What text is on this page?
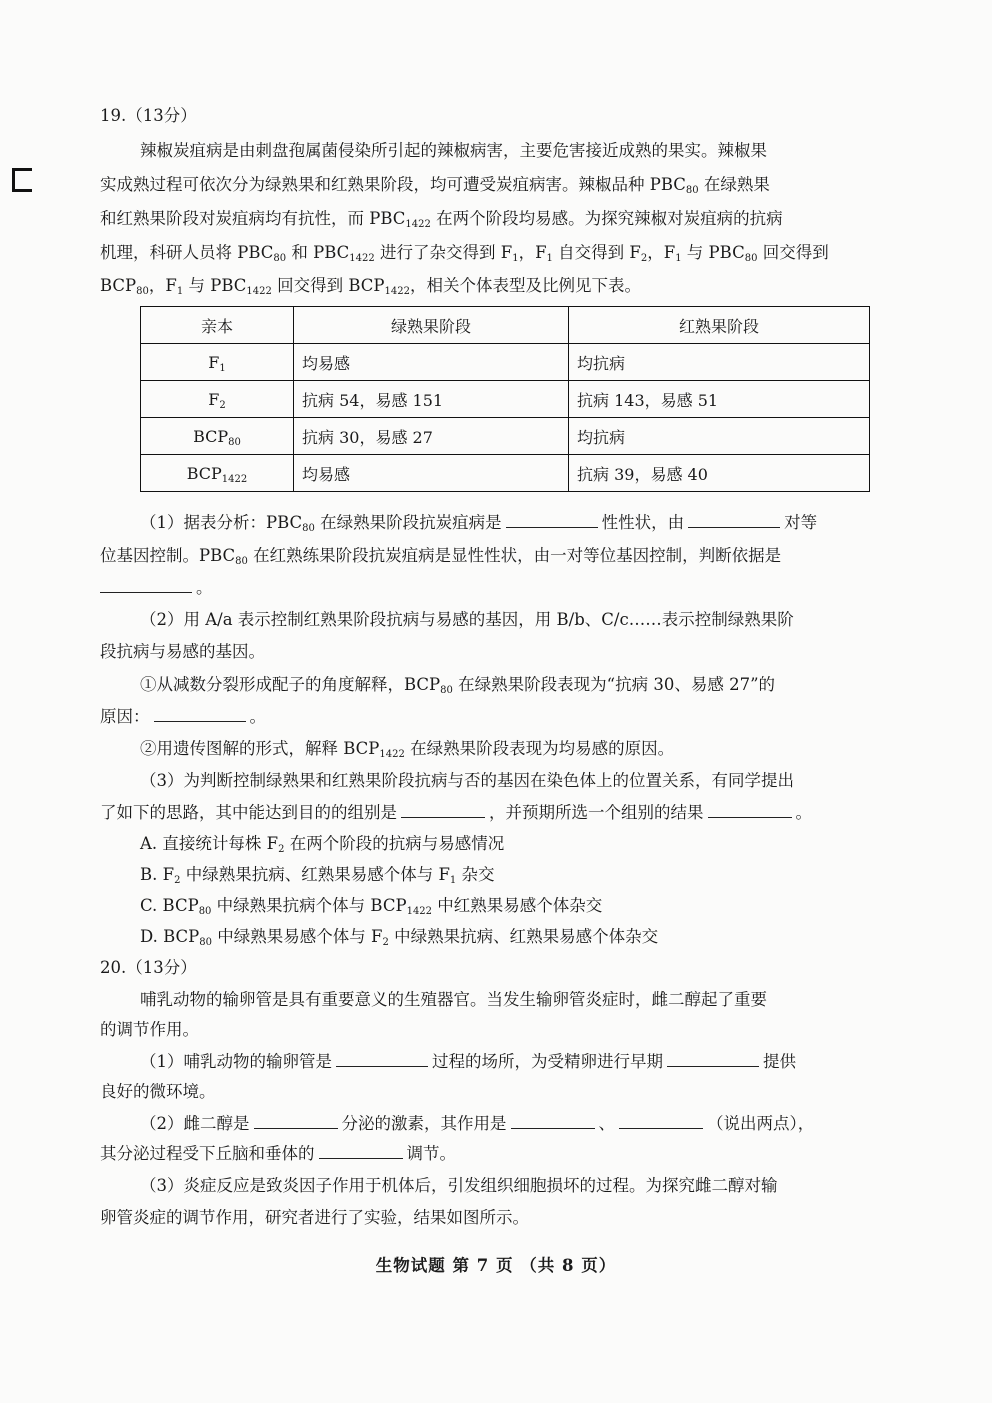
19.（13分）
辣椒炭疽病是由刺盘孢属菌侵染所引起的辣椒病害，主要危害接近成熟的果实。辣椒果
实成熟过程可依次分为绿熟果和红熟果阶段，均可遭受炭疽病害。辣椒品种 $PBC_{80}$ 在绿熟果
和红熟果阶段对炭疽病均有抗性，而 $PBC_{1422}$ 在两个阶段均易感。为探究辣椒对炭疽病的抗病
机理，科研人员将 $PBC_{80}$ 和 $PBC_{1422}$ 进行了杂交得到 $F_1$，$F_1$ 自交得到 $F_2$，$F_1$ 与 $PBC_{80}$ 回交得到
$BCP_{80}$，$F_1$ 与 $PBC_{1422}$ 回交得到 $BCP_{1422}$，相关个体表型及比例见下表。
亲本	绿熟果阶段	红熟果阶段
$F_1$	均易感	均抗病
$F_2$	抗病 54，易感 151	抗病 143，易感 51
$BCP_{80}$	抗病 30，易感 27	均抗病
$BCP_{1422}$	均易感	抗病 39，易感 40
（1）据表分析：$PBC_{80}$ 在绿熟果阶段抗炭疽病是	性性状，由	对等
位基因控制。$PBC_{80}$ 在红熟练果阶段抗炭疽病是显性性状，由一对等位基因控制，判断依据是
。
（2）用 A/a 表示控制红熟果阶段抗病与易感的基因，用 B/b、C/c……表示控制绿熟果阶
段抗病与易感的基因。
①从减数分裂形成配子的角度解释，$BCP_{80}$ 在绿熟果阶段表现为“抗病 30、易感 27”的
原因：	。
②用遗传图解的形式，解释 $BCP_{1422}$ 在绿熟果阶段表现为均易感的原因。
（3）为判断控制绿熟果和红熟果阶段抗病与否的基因在染色体上的位置关系，有同学提出
了如下的思路，其中能达到目的的组别是	，并预期所选一个组别的结果	。
A. 直接统计每株 $F_2$ 在两个阶段的抗病与易感情况
B. $F_2$ 中绿熟果抗病、红熟果易感个体与 $F_1$ 杂交
C. $BCP_{80}$ 中绿熟果抗病个体与 $BCP_{1422}$ 中红熟果易感个体杂交
D. $BCP_{80}$ 中绿熟果易感个体与 $F_2$ 中绿熟果抗病、红熟果易感个体杂交
20.（13分）
哺乳动物的输卵管是具有重要意义的生殖器官。当发生输卵管炎症时，雌二醇起了重要
的调节作用。
（1）哺乳动物的输卵管是	过程的场所，为受精卵进行早期	提供
良好的微环境。
（2）雌二醇是	分泌的激素，其作用是	、	（说出两点），
其分泌过程受下丘脑和垂体的	调节。
（3）炎症反应是致炎因子作用于机体后，引发组织细胞损坏的过程。为探究雌二醇对输
卵管炎症的调节作用，研究者进行了实验，结果如图所示。
生物试题 第 7 页 （共 8 页）
